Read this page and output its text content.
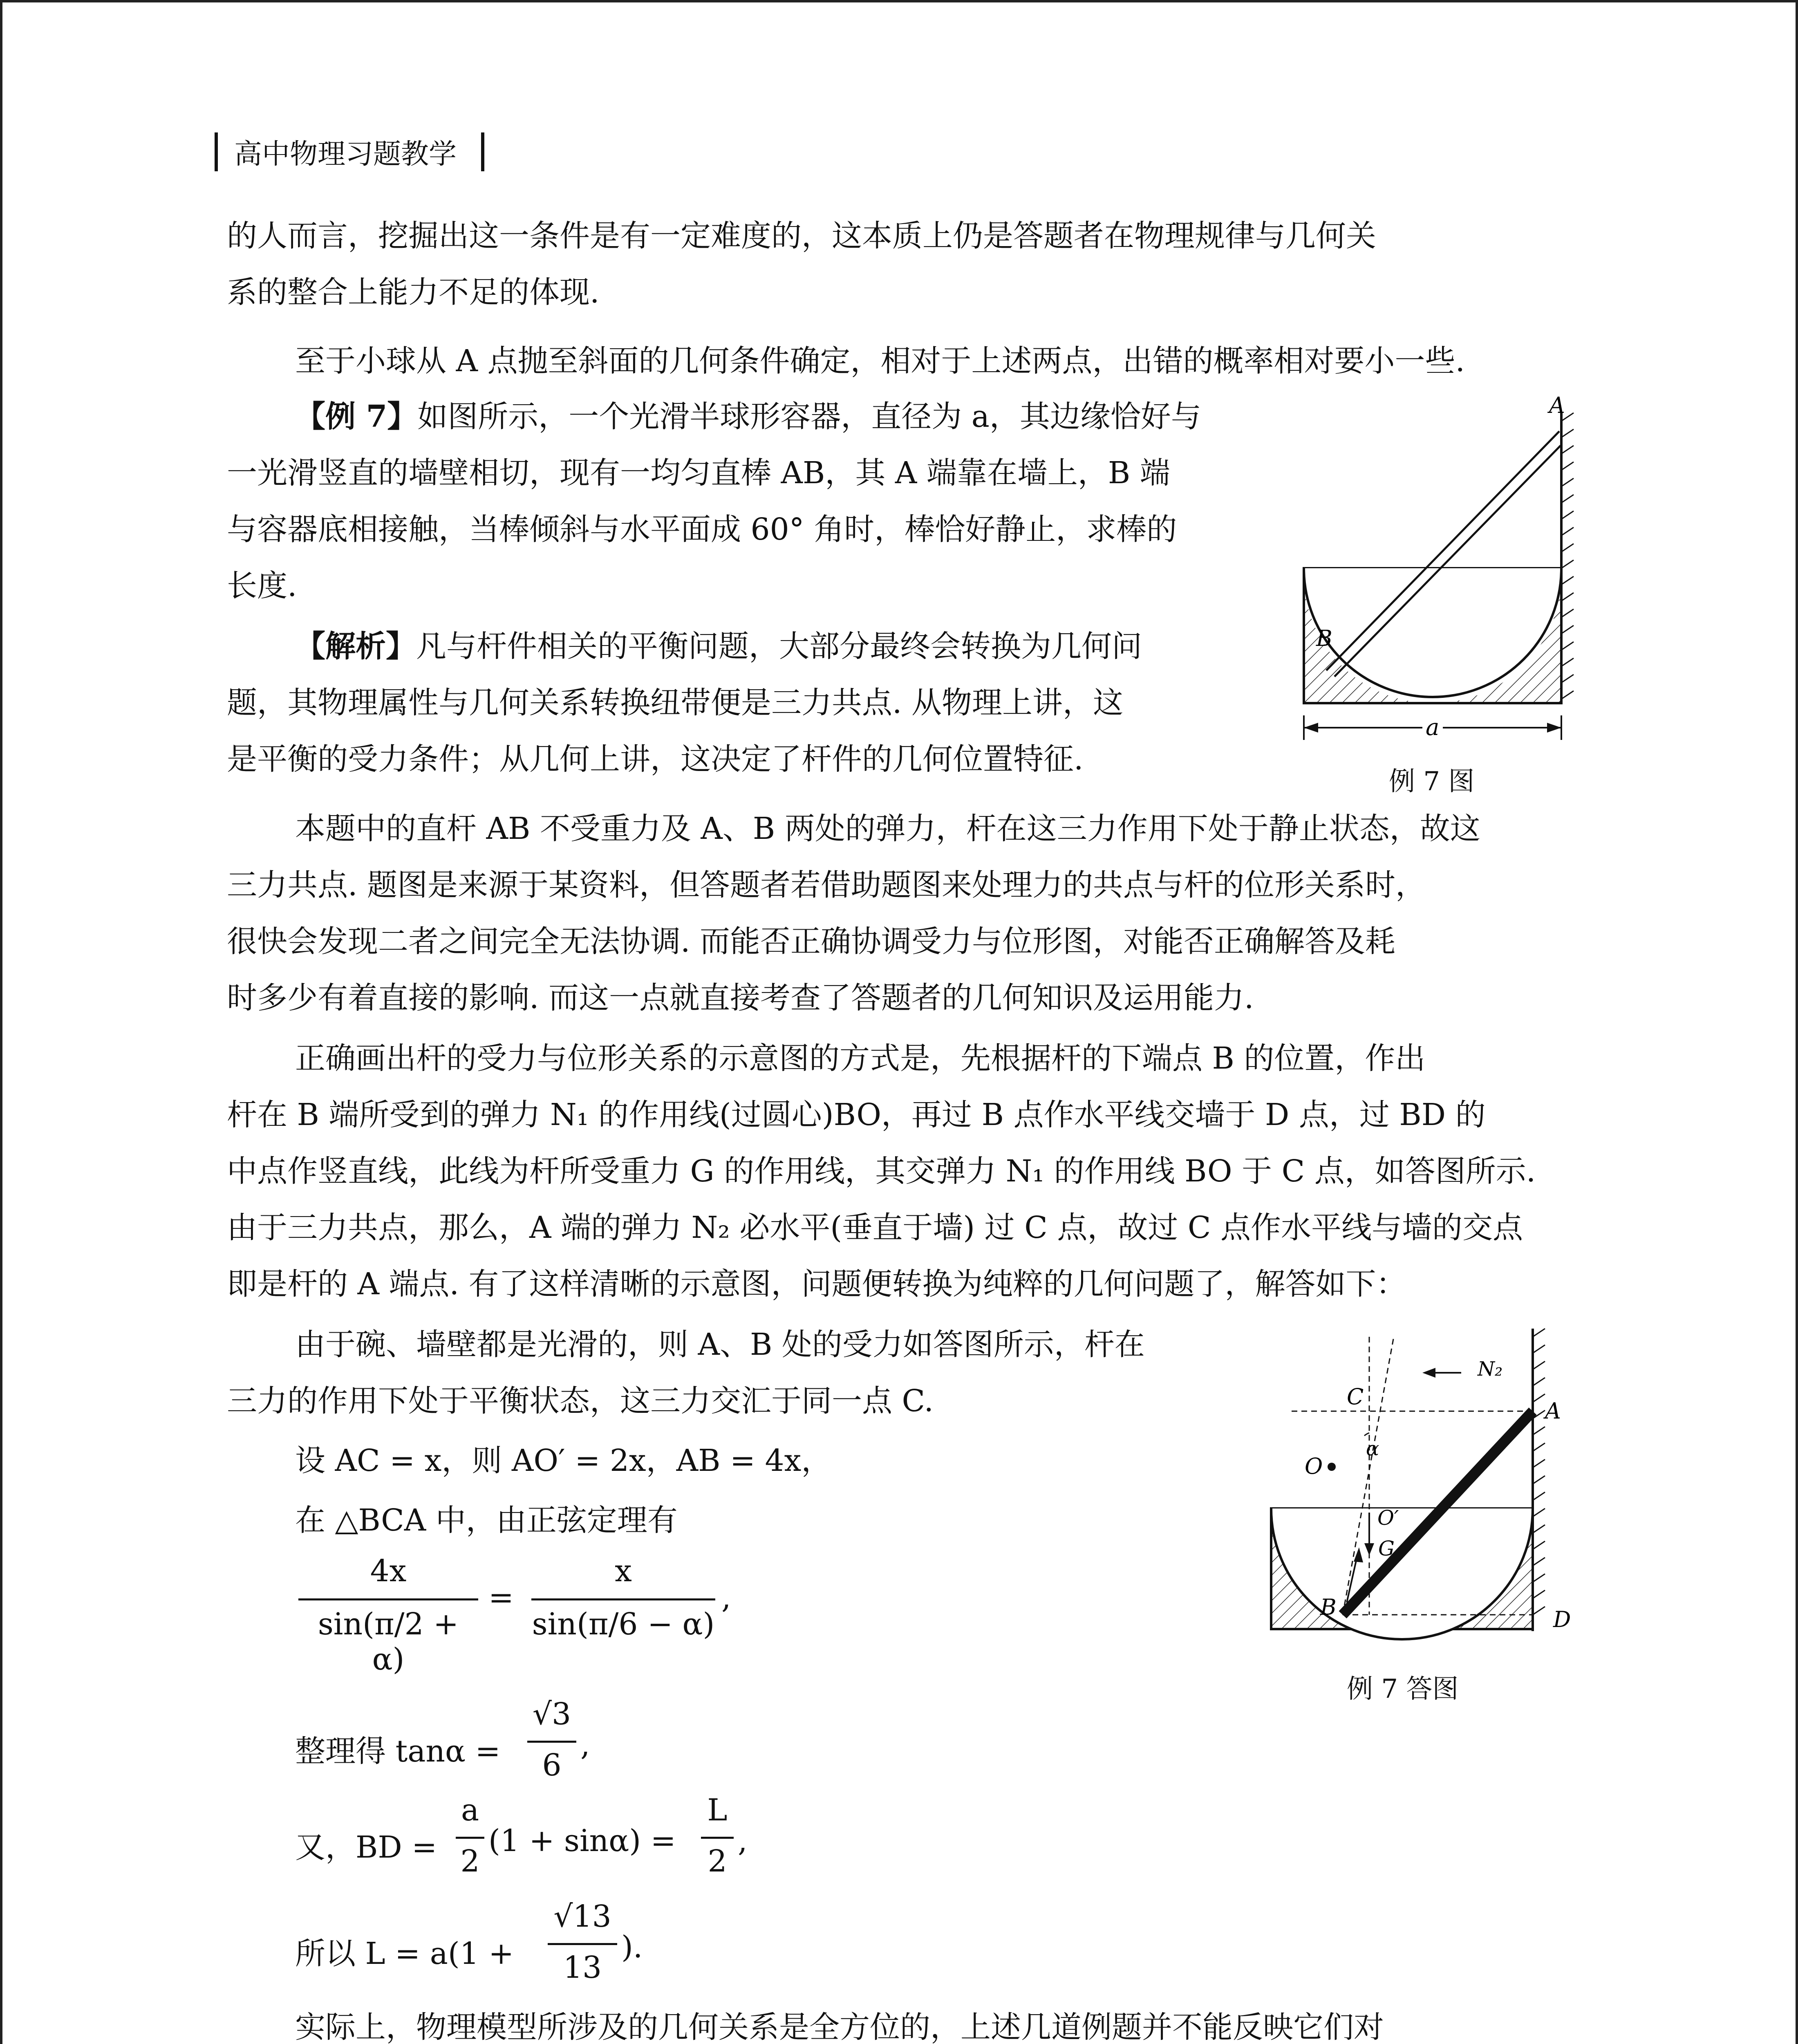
高中物理习题教学
的人而言，挖掘出这一条件是有一定难度的，这本质上仍是答题者在物理规律与几何关
系的整合上能力不足的体现.
至于小球从 A 点抛至斜面的几何条件确定，相对于上述两点，出错的概率相对要小一些.
【例 7】如图所示，一个光滑半球形容器，直径为 a，其边缘恰好与
一光滑竖直的墙壁相切，现有一均匀直棒 AB，其 A 端靠在墙上，B 端
与容器底相接触，当棒倾斜与水平面成 60° 角时，棒恰好静止，求棒的
长度.
【解析】凡与杆件相关的平衡问题，大部分最终会转换为几何问
题，其物理属性与几何关系转换纽带便是三力共点. 从物理上讲，这
是平衡的受力条件；从几何上讲，这决定了杆件的几何位置特征.
A
B
a
例 7 图
本题中的直杆 AB 不受重力及 A、B 两处的弹力，杆在这三力作用下处于静止状态，故这
三力共点. 题图是来源于某资料，但答题者若借助题图来处理力的共点与杆的位形关系时，
很快会发现二者之间完全无法协调. 而能否正确协调受力与位形图，对能否正确解答及耗
时多少有着直接的影响. 而这一点就直接考查了答题者的几何知识及运用能力.
正确画出杆的受力与位形关系的示意图的方式是，先根据杆的下端点 B 的位置，作出
杆在 B 端所受到的弹力 N₁ 的作用线(过圆心)BO，再过 B 点作水平线交墙于 D 点，过 BD 的
中点作竖直线，此线为杆所受重力 G 的作用线，其交弹力 N₁ 的作用线 BO 于 C 点，如答图所示.
由于三力共点，那么，A 端的弹力 N₂ 必水平(垂直于墙) 过 C 点，故过 C 点作水平线与墙的交点
即是杆的 A 端点. 有了这样清晰的示意图，问题便转换为纯粹的几何问题了，解答如下：
由于碗、墙壁都是光滑的，则 A、B 处的受力如答图所示，杆在
三力的作用下处于平衡状态，这三力交汇于同一点 C.
设 AC = x，则 AO′ = 2x，AB = 4x，
在 △BCA 中，由正弦定理有
C
N₂
A
α
O
O′
G
B	D
例 7 答图
4x
sin(π/2 + α)
=
x
sin(π/6 − α)
,
整理得 tanα =
√3
6
,
又，BD =
a
2
(1 + sinα) =
L
2
,
所以 L = a(1 +
√13
13
).
实际上，物理模型所涉及的几何关系是全方位的，上述几道例题并不能反映它们对
